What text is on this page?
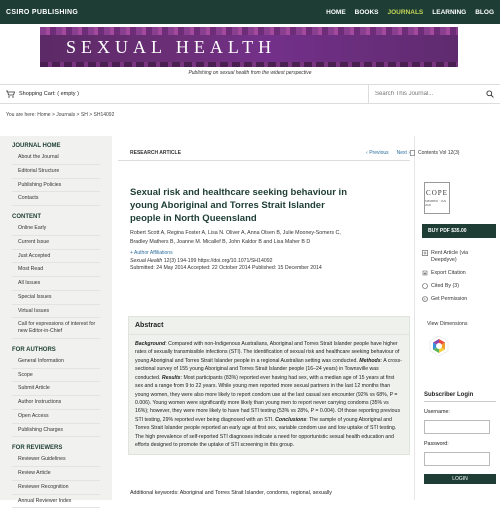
CSIRO PUBLISHING	HOME BOOKS JOURNALS LEARNING BLOG
SEXUAL HEALTH
Publishing on sexual health from the widest perspective
Shopping Cart: ( empty )
Search This Journal...
You are here: Home > Journals > SH > SH14092
JOURNAL HOME
About the Journal
Editorial Structure
Publishing Policies
Contacts
CONTENT
Online Early
Current Issue
Just Accepted
Most Read
All Issues
Special Issues
Virtual Issues
Call for expressions of interest for new Editor-in-Chief
FOR AUTHORS
General Information
Scope
Submit Article
Author Instructions
Open Access
Publishing Charges
FOR REVIEWERS
Reviewer Guidelines
Review Article
Reviewer Recognition
Annual Reviewer Index
RESEARCH ARTICLE	‹ Previous Next ›
Sexual risk and healthcare seeking behaviour in young Aboriginal and Torres Strait Islander people in North Queensland
Robert Scott A, Regina Foster A, Lisa N. Oliver A, Anna Olsen B, Julie Mooney-Somers C, Bradley Mathers B, Joanne M. Micallef B, John Kaldor B and Lisa Maher B D
+ Author Affiliations
Sexual Health 12(3) 194-199 https://doi.org/10.1071/SH14092
Submitted: 24 May 2014 Accepted: 22 October 2014 Published: 15 December 2014
Contents Vol 12(3)
Abstract
Background: Compared with non-Indigenous Australians, Aboriginal and Torres Strait Islander people have higher rates of sexually transmissible infections (STI). The identification of sexual risk and healthcare seeking behaviour of young Aboriginal and Torres Strait Islander people in a regional Australian setting was conducted. Methods: A cross-sectional survey of 155 young Aboriginal and Torres Strait Islander people (16–24 years) in Townsville was conducted. Results: Most participants (83%) reported ever having had sex, with a median age of 15 years at first sex and a range from 9 to 22 years. While young men reported more sexual partners in the last 12 months than young women, they were also more likely to report condom use at the last casual sex encounter (92% vs 68%, P = 0.006). Young women were significantly more likely than young men to report never carrying condoms (35% vs 16%); however, they were more likely to have had STI testing (53% vs 28%, P = 0.004). Of those reporting previous STI testing, 29% reported ever being diagnosed with an STI. Conclusions: The sample of young Aboriginal and Torres Strait Islander people reported an early age at first sex, variable condom use and low uptake of STI testing. The high prevalence of self-reported STI diagnoses indicate a need for opportunistic sexual health education and efforts designed to promote the uptake of STI screening in this group.
Additional keywords: Aboriginal and Torres Strait Islander, condoms, regional, sexually
COPE
MEMBER · JAN 2026
BUY PDF $35.00
Rent Article (via Deepdyve)
Export Citation
Cited By (3)
© Get Permission
View Dimensions
Subscriber Login
Username:
Password:
LOGIN
